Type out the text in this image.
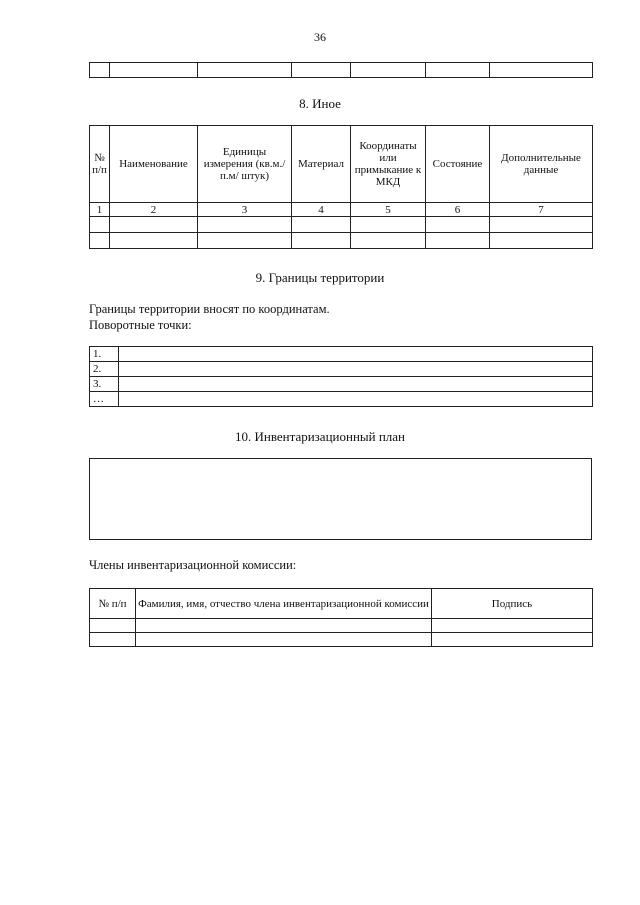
36

8. Иное
№ п/п	Наименование	Единицы измерения (кв.м./п.м/ штук)	Материал	Координаты или примыкание к МКД	Состояние	Дополнительные данные
1	2	3	4	5	6	7

9. Границы территории
Границы территории вносят по координатам.
Поворотные точки:
1.	
2.	
3.	
…	
10. Инвентаризационный план
Члены инвентаризационной комиссии:
№ п/п	Фамилия, имя, отчество члена инвентаризационной комиссии	Подпись
